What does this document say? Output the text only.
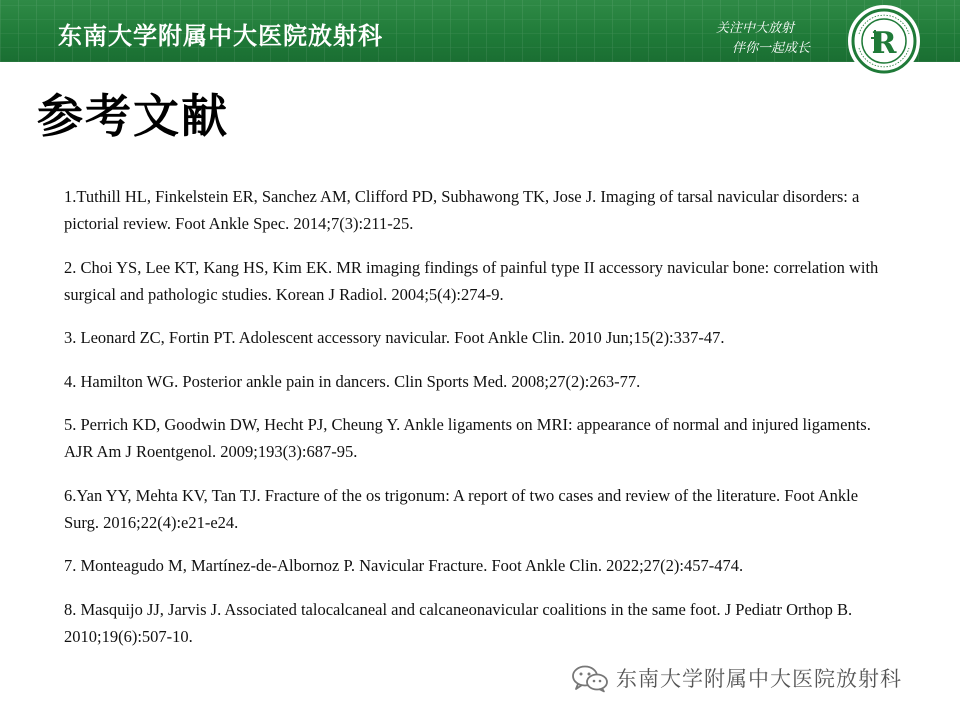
东南大学附属中大医院放射科	关注中大放射
伴你一起成长 R
参考文献
1.Tuthill HL, Finkelstein ER, Sanchez AM, Clifford PD, Subhawong TK, Jose J. Imaging of tarsal navicular disorders: a pictorial review. Foot Ankle Spec. 2014;7(3):211-25.
2. Choi YS, Lee KT, Kang HS, Kim EK. MR imaging findings of painful type II accessory navicular bone: correlation with surgical and pathologic studies. Korean J Radiol. 2004;5(4):274-9.
3. Leonard ZC, Fortin PT. Adolescent accessory navicular. Foot Ankle Clin. 2010 Jun;15(2):337-47.
4. Hamilton WG. Posterior ankle pain in dancers. Clin Sports Med. 2008;27(2):263-77.
5. Perrich KD, Goodwin DW, Hecht PJ, Cheung Y. Ankle ligaments on MRI: appearance of normal and injured ligaments. AJR Am J Roentgenol. 2009;193(3):687-95.
6.Yan YY, Mehta KV, Tan TJ. Fracture of the os trigonum: A report of two cases and review of the literature. Foot Ankle Surg. 2016;22(4):e21-e24.
7. Monteagudo M, Martínez-de-Albornoz P. Navicular Fracture. Foot Ankle Clin. 2022;27(2):457-474.
8. Masquijo JJ, Jarvis J. Associated talocalcaneal and calcaneonavicular coalitions in the same foot. J Pediatr Orthop B. 2010;19(6):507-10.
东南大学附属中大医院放射科
